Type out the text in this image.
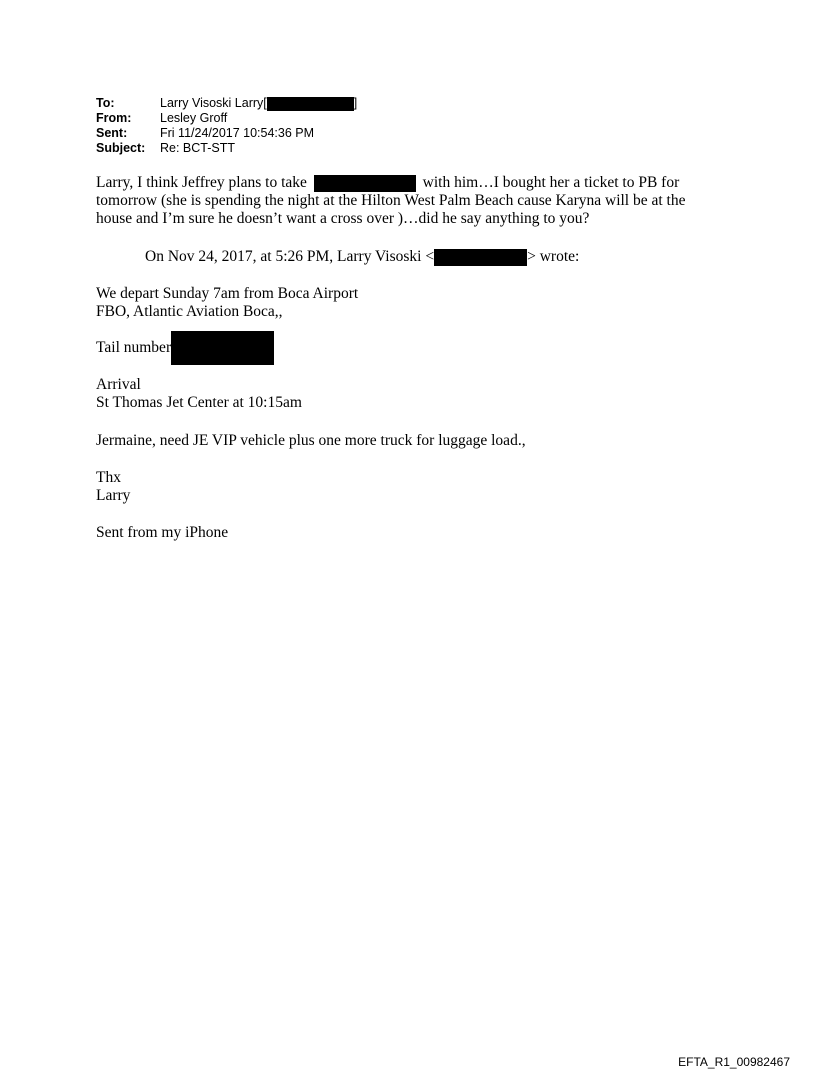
To:	Larry Visoski Larry[	]
From:	Lesley Groff
Sent:	Fri 11/24/2017 10:54:36 PM
Subject:	Re: BCT-STT
Larry, I think Jeffrey plans to take	with him…I bought her a ticket to PB for
tomorrow (she is spending the night at the Hilton West Palm Beach cause Karyna will be at the
house and I’m sure he doesn’t want a cross over )…did he say anything to you?
On Nov 24, 2017, at 5:26 PM, Larry Visoski <	> wrote:
We depart Sunday 7am from Boca Airport
FBO, Atlantic Aviation Boca,,
Tail number
Arrival
St Thomas Jet Center at 10:15am
Jermaine, need JE VIP vehicle plus one more truck for luggage load.,
Thx
Larry
Sent from my iPhone
EFTA_R1_00982467
